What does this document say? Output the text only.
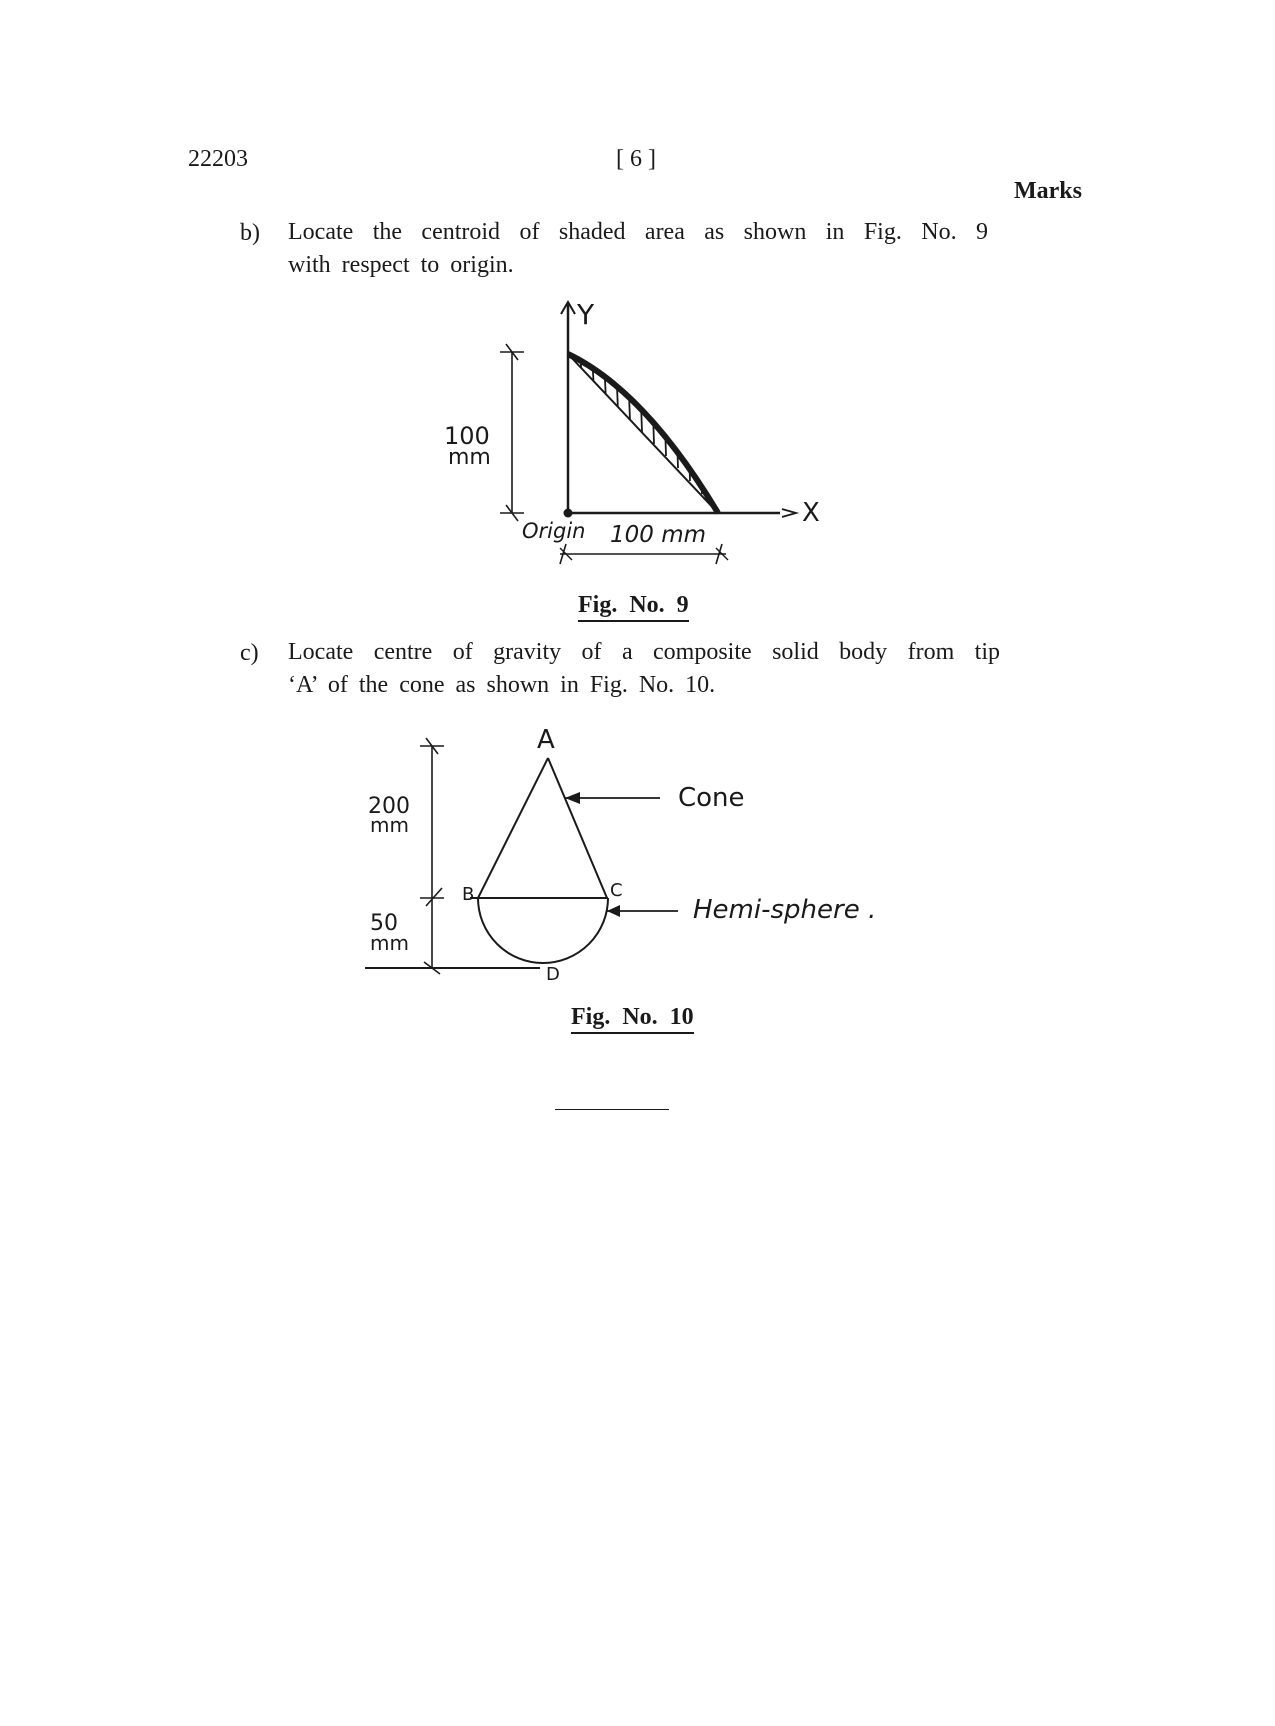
22203	[ 6 ]
Marks
b) Locate the centroid of shaded area as shown in Fig. No. 9
with respect to origin.
Y
X
100
mm
Origin 100 mm
Fig. No. 9
c) Locate centre of gravity of a composite solid body from tip
‘A’ of the cone as shown in Fig. No. 10.
A
B	C
D
Cone
Hemi-sphere .
200
mm
50
mm
Fig. No. 10
